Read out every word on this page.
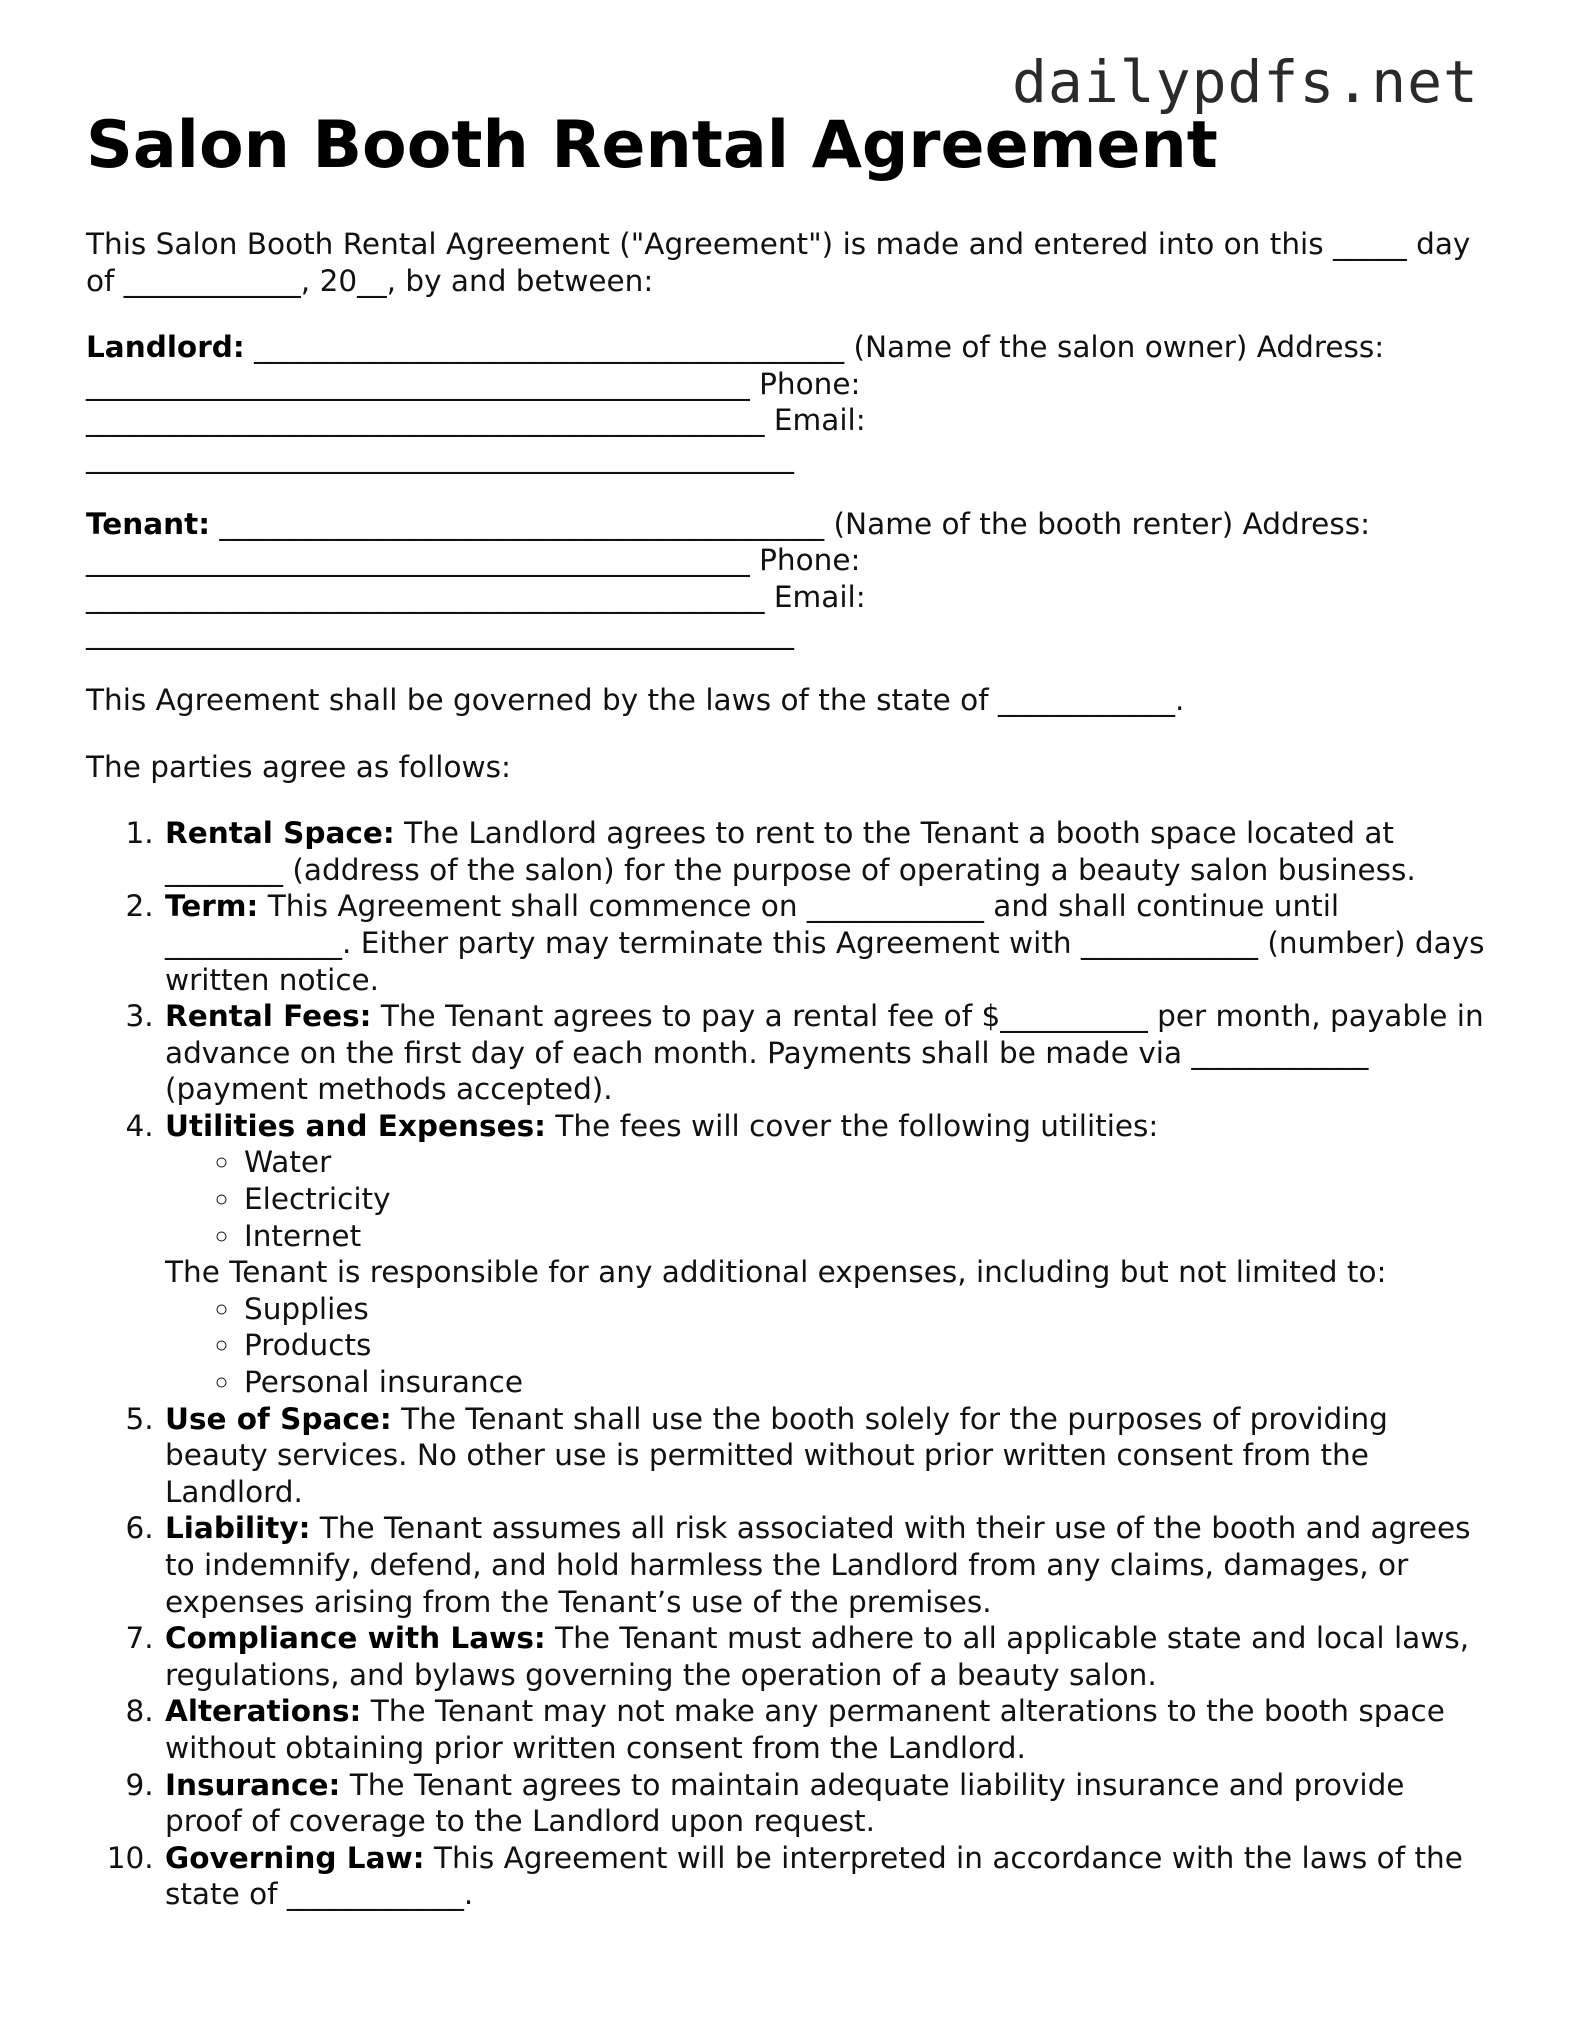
dailypdfs.net
Salon Booth Rental Agreement

This Salon Booth Rental Agreement ("Agreement") is made and entered into on this _____ day of ____________, 20__, by and between:

Landlord: ________________________________________ (Name of the salon owner) Address: _____________________________________________ Phone: ______________________________________________ Email: ________________________________________________

Tenant: _________________________________________ (Name of the booth renter) Address: _____________________________________________ Phone: ______________________________________________ Email: ________________________________________________

This Agreement shall be governed by the laws of the state of ____________.

The parties agree as follows:

1. Rental Space: The Landlord agrees to rent to the Tenant a booth space located at ________ (address of the salon) for the purpose of operating a beauty salon business.
2. Term: This Agreement shall commence on ____________ and shall continue until ____________. Either party may terminate this Agreement with ____________ (number) days written notice.
3. Rental Fees: The Tenant agrees to pay a rental fee of $__________ per month, payable in advance on the first day of each month. Payments shall be made via ____________ (payment methods accepted).
4. Utilities and Expenses: The fees will cover the following utilities:
◦ Water
◦ Electricity
◦ Internet
The Tenant is responsible for any additional expenses, including but not limited to:
◦ Supplies
◦ Products
◦ Personal insurance
5. Use of Space: The Tenant shall use the booth solely for the purposes of providing beauty services. No other use is permitted without prior written consent from the Landlord.
6. Liability: The Tenant assumes all risk associated with their use of the booth and agrees to indemnify, defend, and hold harmless the Landlord from any claims, damages, or expenses arising from the Tenant’s use of the premises.
7. Compliance with Laws: The Tenant must adhere to all applicable state and local laws, regulations, and bylaws governing the operation of a beauty salon.
8. Alterations: The Tenant may not make any permanent alterations to the booth space without obtaining prior written consent from the Landlord.
9. Insurance: The Tenant agrees to maintain adequate liability insurance and provide proof of coverage to the Landlord upon request.
10. Governing Law: This Agreement will be interpreted in accordance with the laws of the state of ____________.
